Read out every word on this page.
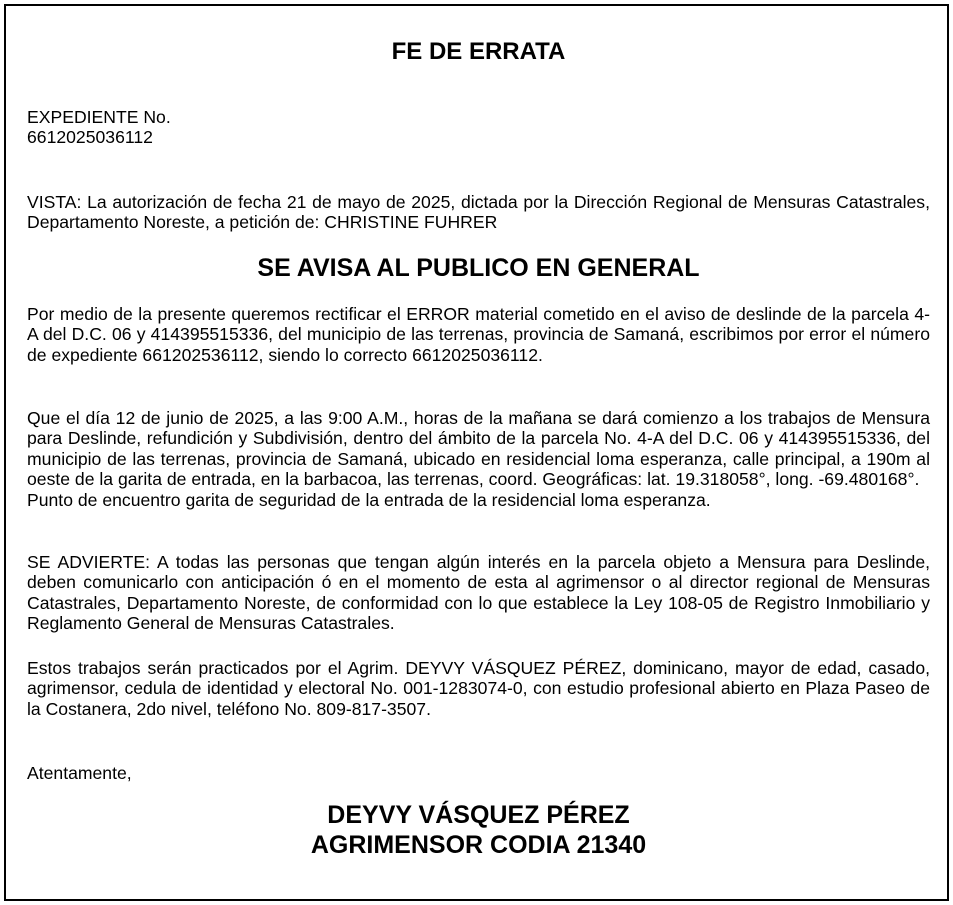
FE DE ERRATA
EXPEDIENTE No.
6612025036112
VISTA: La autorización de fecha 21 de mayo de 2025, dictada por la Dirección Regional de Mensuras Catastrales, Departamento Noreste, a petición de: CHRISTINE FUHRER
SE AVISA AL PUBLICO EN GENERAL
Por medio de la presente queremos rectificar el ERROR material cometido en el aviso de deslinde de la parcela 4-A del D.C. 06 y 414395515336, del municipio de las terrenas, provincia de Samaná, escribimos por error el número de expediente 661202536112, siendo lo correcto 6612025036112.
Que el día 12 de junio de 2025, a las 9:00 A.M., horas de la mañana se dará comienzo a los trabajos de Mensura para Deslinde, refundición y Subdivisión, dentro del ámbito de la parcela No. 4-A del D.C. 06 y 414395515336, del municipio de las terrenas, provincia de Samaná, ubicado en residencial loma esperanza, calle principal, a 190m al oeste de la garita de entrada, en la barbacoa, las terrenas, coord. Geográficas: lat. 19.318058°, long. -69.480168°.
Punto de encuentro garita de seguridad de la entrada de la residencial loma esperanza.
SE ADVIERTE: A todas las personas que tengan algún interés en la parcela objeto a Mensura para Deslinde, deben comunicarlo con anticipación ó en el momento de esta al agrimensor o al director regional de Mensuras Catastrales, Departamento Noreste, de conformidad con lo que establece la Ley 108-05 de Registro Inmobiliario y Reglamento General de Mensuras Catastrales.
Estos trabajos serán practicados por el Agrim. DEYVY VÁSQUEZ PÉREZ, dominicano, mayor de edad, casado, agrimensor, cedula de identidad y electoral No. 001-1283074-0, con estudio profesional abierto en Plaza Paseo de la Costanera, 2do nivel, teléfono No. 809-817-3507.
Atentamente,
DEYVY VÁSQUEZ PÉREZ
AGRIMENSOR CODIA 21340
